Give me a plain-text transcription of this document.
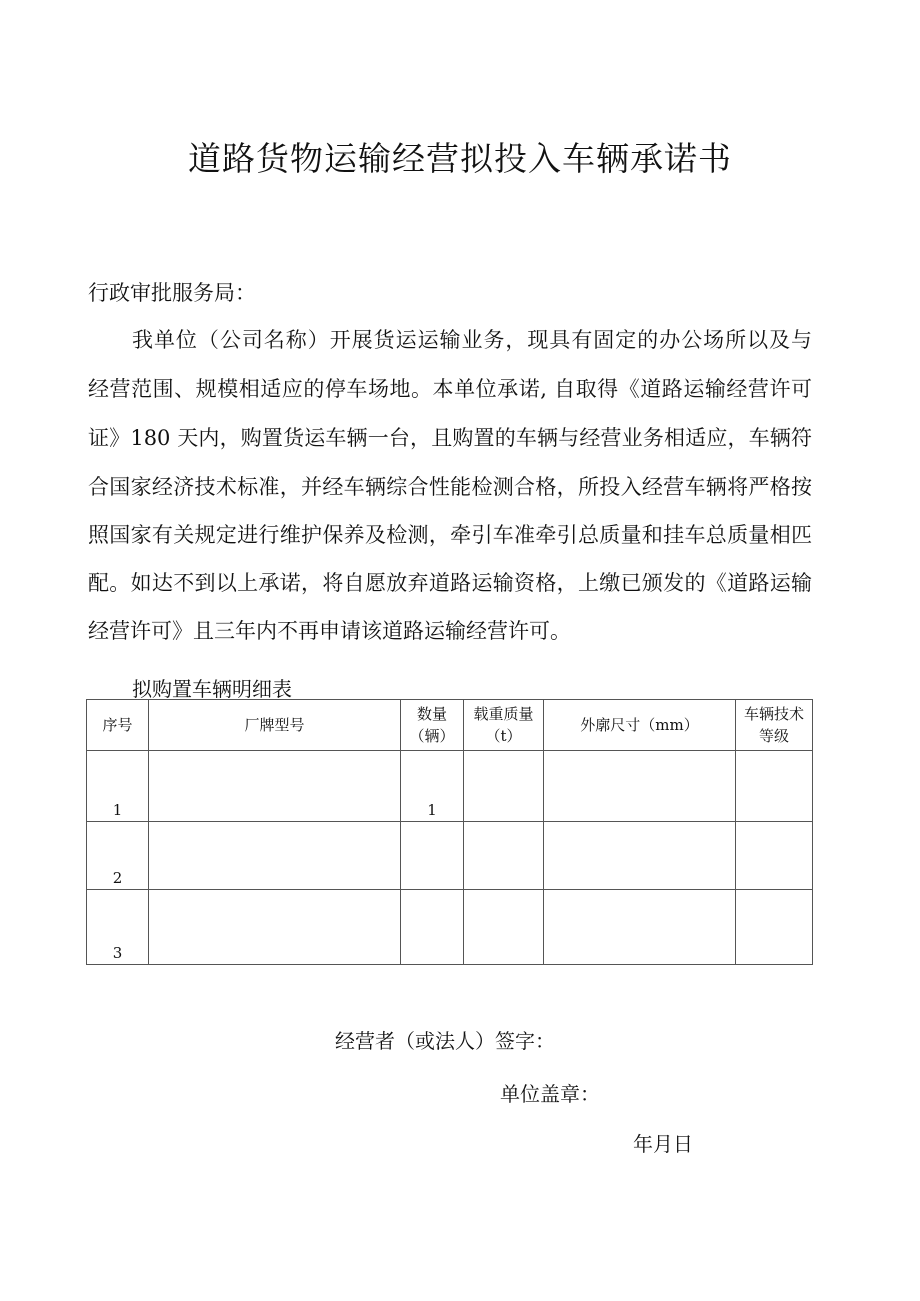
道路货物运输经营拟投入车辆承诺书
行政审批服务局：
我单位（公司名称）开展货运运输业务，现具有固定的办公场所以及与
经营范围、规模相适应的停车场地。本单位承诺, 自取得《道路运输经营许可
证》180 天内，购置货运车辆一台，且购置的车辆与经营业务相适应，车辆符
合国家经济技术标准，并经车辆综合性能检测合格，所投入经营车辆将严格按
照国家有关规定进行维护保养及检测，牵引车准牵引总质量和挂车总质量相匹
配。如达不到以上承诺，将自愿放弃道路运输资格，上缴已颁发的《道路运输
经营许可》且三年内不再申请该道路运输经营许可。
拟购置车辆明细表
序号	厂牌型号	数量（辆）	载重质量（t）	外廓尺寸（mm）	车辆技术
等级
1		1			
2					
3					
经营者（或法人）签字：
单位盖章：
年月日
